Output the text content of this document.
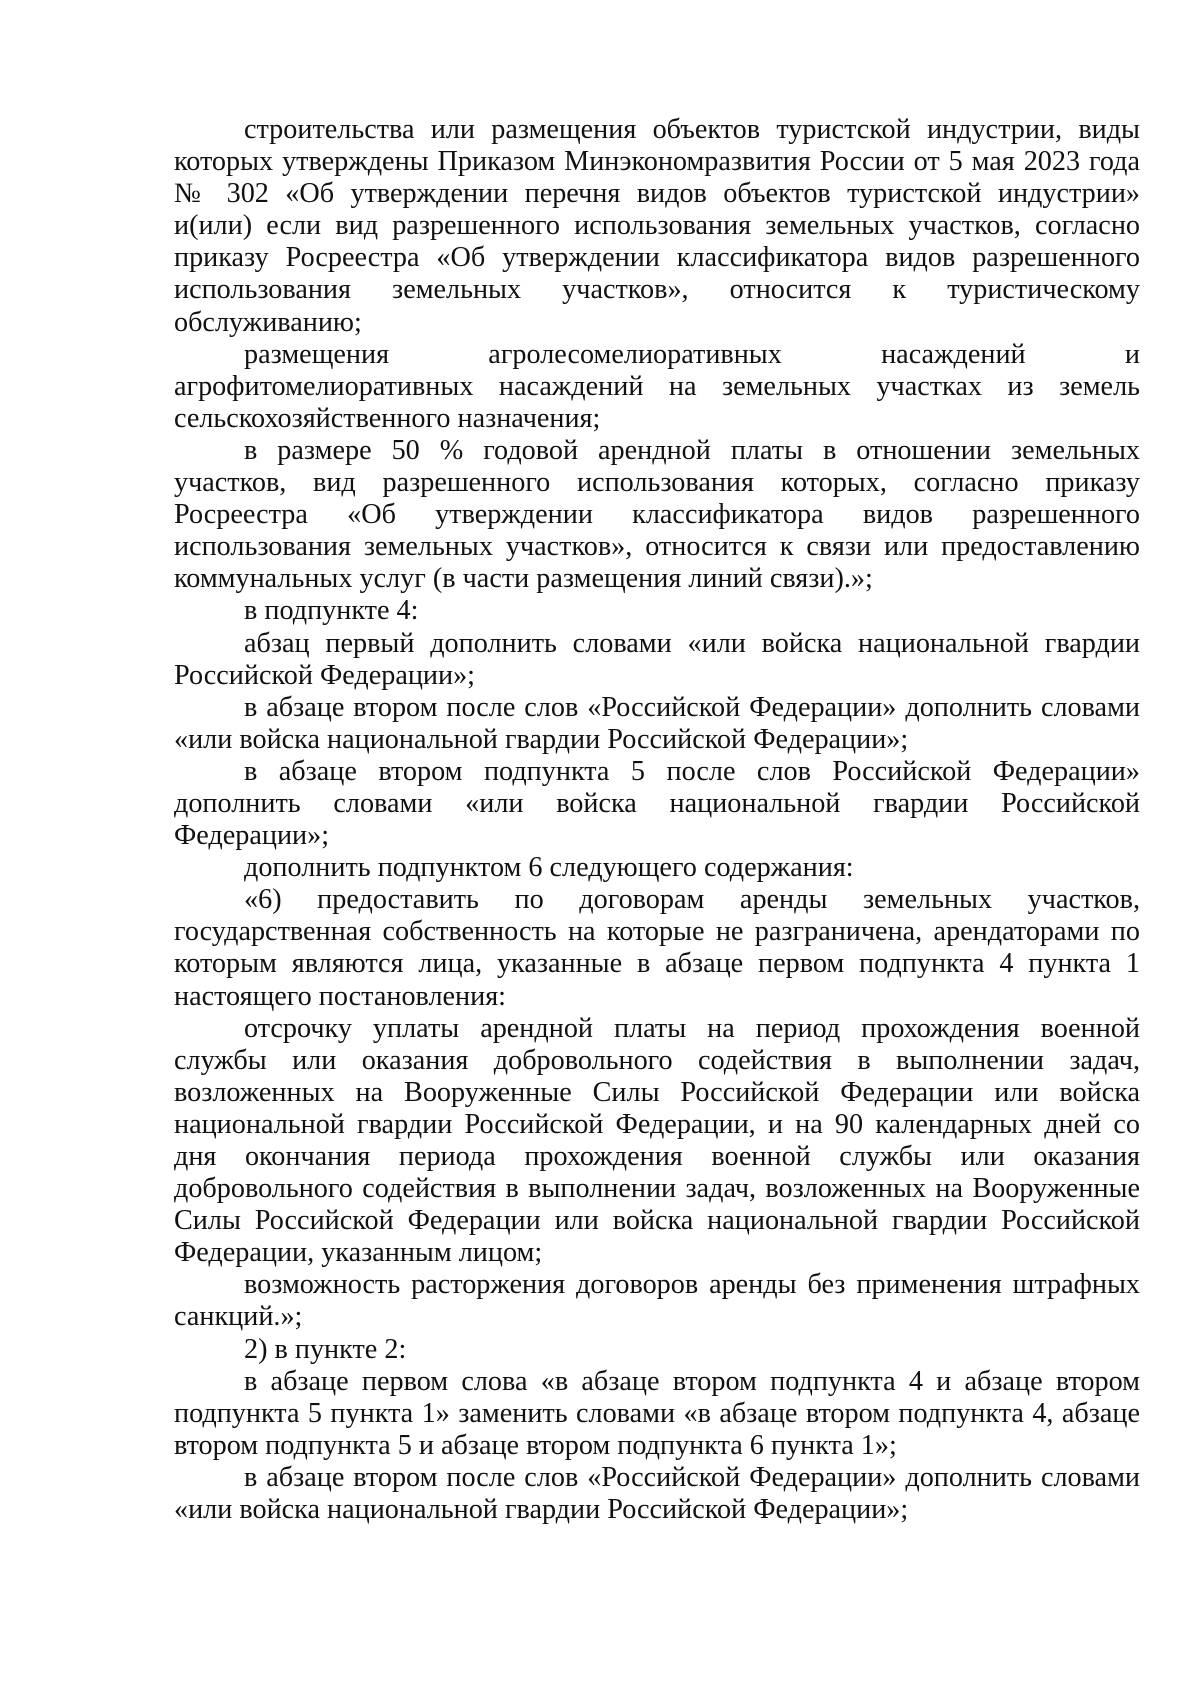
строительства или размещения объектов туристской индустрии, виды которых утверждены Приказом Минэкономразвития России от 5 мая 2023 года № 302 «Об утверждении перечня видов объектов туристской индустрии» и(или) если вид разрешенного использования земельных участков, согласно приказу Росреестра «Об утверждении классификатора видов разрешенного использования земельных участков», относится к туристическому обслуживанию;

размещения агролесомелиоративных насаждений и агрофитомелиоративных насаждений на земельных участках из земель сельскохозяйственного назначения;

в размере 50 % годовой арендной платы в отношении земельных участков, вид разрешенного использования которых, согласно приказу Росреестра «Об утверждении классификатора видов разрешенного использования земельных участков», относится к связи или предоставлению коммунальных услуг (в части размещения линий связи).»;

в подпункте 4:

абзац первый дополнить словами «или войска национальной гвардии Российской Федерации»;

в абзаце втором после слов «Российской Федерации» дополнить словами «или войска национальной гвардии Российской Федерации»;

в абзаце втором подпункта 5 после слов Российской Федерации» дополнить словами «или войска национальной гвардии Российской Федерации»;

дополнить подпунктом 6 следующего содержания:

«6) предоставить по договорам аренды земельных участков, государственная собственность на которые не разграничена, арендаторами по которым являются лица, указанные в абзаце первом подпункта 4 пункта 1 настоящего постановления:

отсрочку уплаты арендной платы на период прохождения военной службы или оказания добровольного содействия в выполнении задач, возложенных на Вооруженные Силы Российской Федерации или войска национальной гвардии Российской Федерации, и на 90 календарных дней со дня окончания периода прохождения военной службы или оказания добровольного содействия в выполнении задач, возложенных на Вооруженные Силы Российской Федерации или войска национальной гвардии Российской Федерации, указанным лицом;

возможность расторжения договоров аренды без применения штрафных санкций.»;

2) в пункте 2:

в абзаце первом слова «в абзаце втором подпункта 4 и абзаце втором подпункта 5 пункта 1» заменить словами «в абзаце втором подпункта 4, абзаце втором подпункта 5 и абзаце втором подпункта 6 пункта 1»;

в абзаце втором после слов «Российской Федерации» дополнить словами «или войска национальной гвардии Российской Федерации»;
